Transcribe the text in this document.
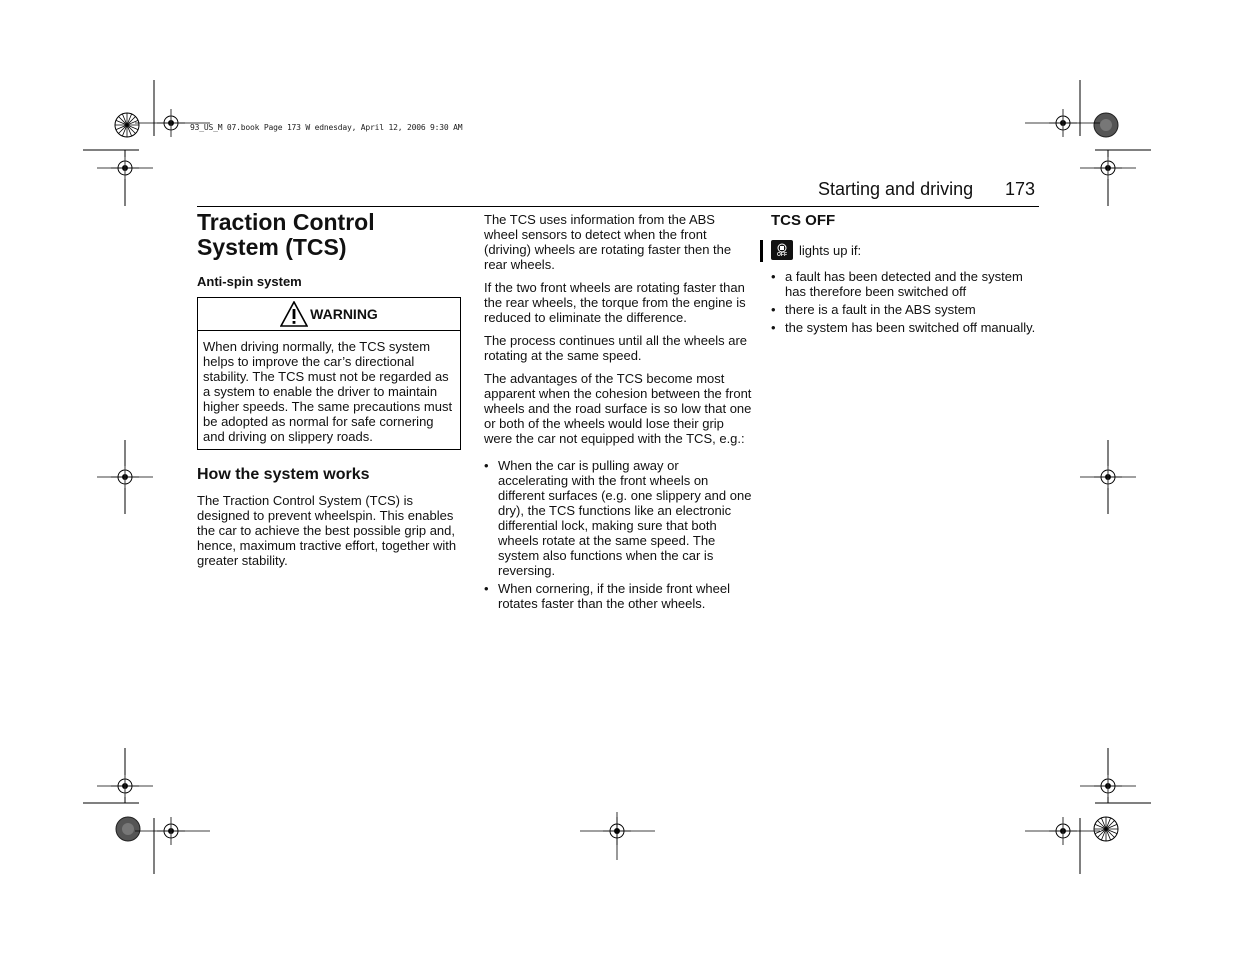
93_US_M 07.book Page 173 W ednesday, April 12, 2006 9:30 AM
Starting and driving 173
Traction Control System (TCS)
Anti-spin system
WARNING
When driving normally, the TCS system helps to improve the car’s directional stability. The TCS must not be regarded as a system to enable the driver to maintain higher speeds. The same precautions must be adopted as normal for safe cornering and driving on slippery roads.
How the system works

The Traction Control System (TCS) is designed to prevent wheelspin. This enables the car to achieve the best possible grip and, hence, maximum tractive effort, together with greater stability.

The TCS uses information from the ABS wheel sensors to detect when the front (driving) wheels are rotating faster then the rear wheels.

If the two front wheels are rotating faster than the rear wheels, the torque from the engine is reduced to eliminate the difference.

The process continues until all the wheels are rotating at the same speed.

The advantages of the TCS become most apparent when the cohesion between the front wheels and the road surface is so low that one or both of the wheels would lose their grip were the car not equipped with the TCS, e.g.:

• When the car is pulling away or accelerating with the front wheels on different surfaces (e.g. one slippery and one dry), the TCS functions like an electronic differential lock, making sure that both wheels rotate at the same speed. The system also functions when the car is reversing.
• When cornering, if the inside front wheel rotates faster than the other wheels.
TCS OFF
OFF lights up if:
• a fault has been detected and the system has therefore been switched off
• there is a fault in the ABS system
• the system has been switched off manually.
